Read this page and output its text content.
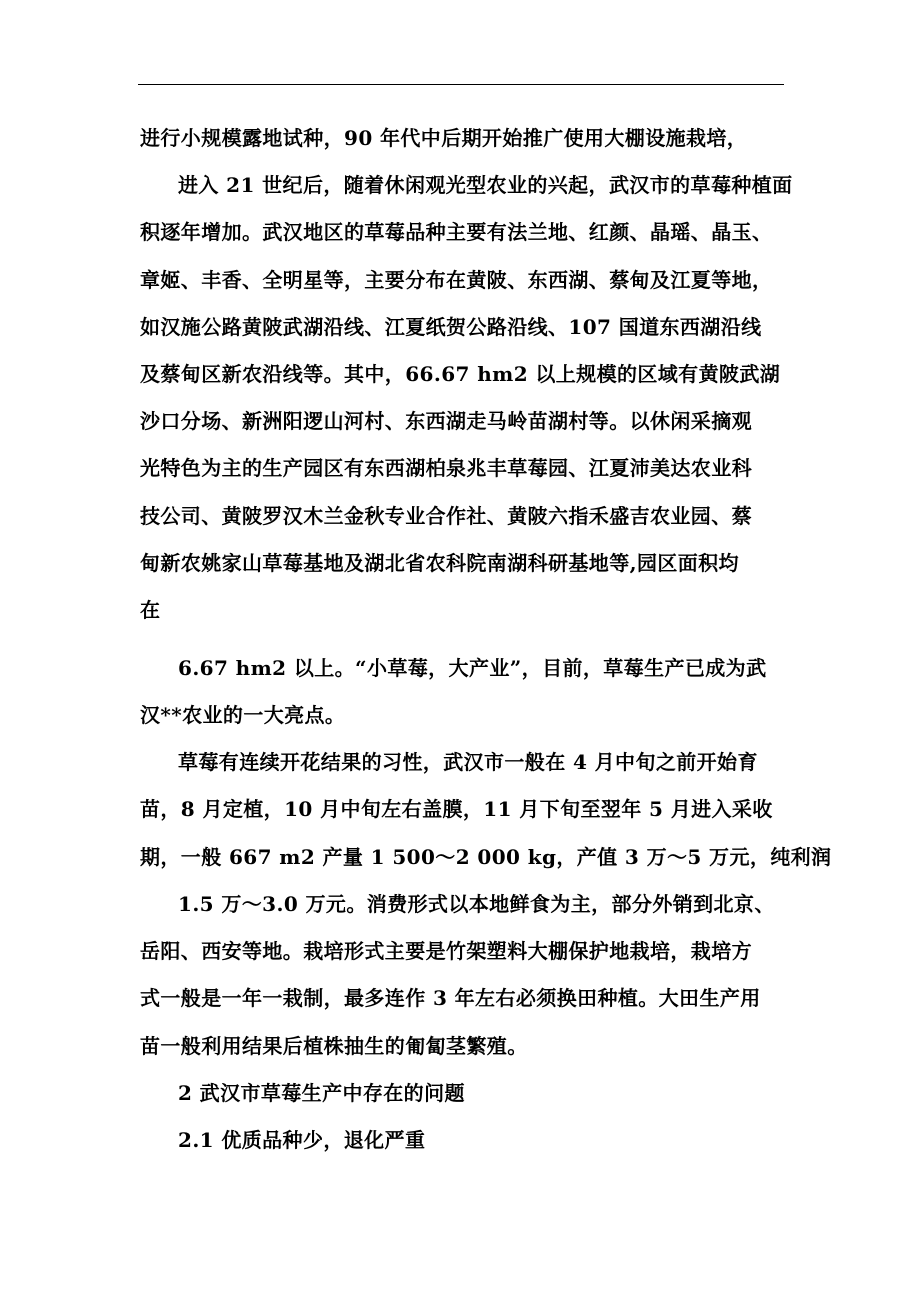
进行小规模露地试种，90 年代中后期开始推广使用大棚设施栽培，
进入 21 世纪后，随着休闲观光型农业的兴起，武汉市的草莓种植面
积逐年增加。武汉地区的草莓品种主要有法兰地、红颜、晶瑶、晶玉、
章姬、丰香、全明星等，主要分布在黄陂、东西湖、蔡甸及江夏等地，
如汉施公路黄陂武湖沿线、江夏纸贺公路沿线、107 国道东西湖沿线
及蔡甸区新农沿线等。其中，66.67 hm2 以上规模的区域有黄陂武湖
沙口分场、新洲阳逻山河村、东西湖走马岭苗湖村等。以休闲采摘观
光特色为主的生产园区有东西湖柏泉兆丰草莓园、江夏沛美达农业科
技公司、黄陂罗汉木兰金秋专业合作社、黄陂六指禾盛吉农业园、蔡
甸新农姚家山草莓基地及湖北省农科院南湖科研基地等,园区面积均
在
6.67 hm2 以上。“小草莓，大产业”，目前，草莓生产已成为武
汉**农业的一大亮点。
草莓有连续开花结果的习性，武汉市一般在 4 月中旬之前开始育
苗，8 月定植，10 月中旬左右盖膜，11 月下旬至翌年 5 月进入采收
期，一般 667 m2 产量 1 500～2 000 kg，产值 3 万～5 万元，纯利润
1.5 万～3.0 万元。消费形式以本地鲜食为主，部分外销到北京、
岳阳、西安等地。栽培形式主要是竹架塑料大棚保护地栽培，栽培方
式一般是一年一栽制，最多连作 3 年左右必须换田种植。大田生产用
苗一般利用结果后植株抽生的匍匐茎繁殖。
2 武汉市草莓生产中存在的问题
2.1 优质品种少，退化严重
